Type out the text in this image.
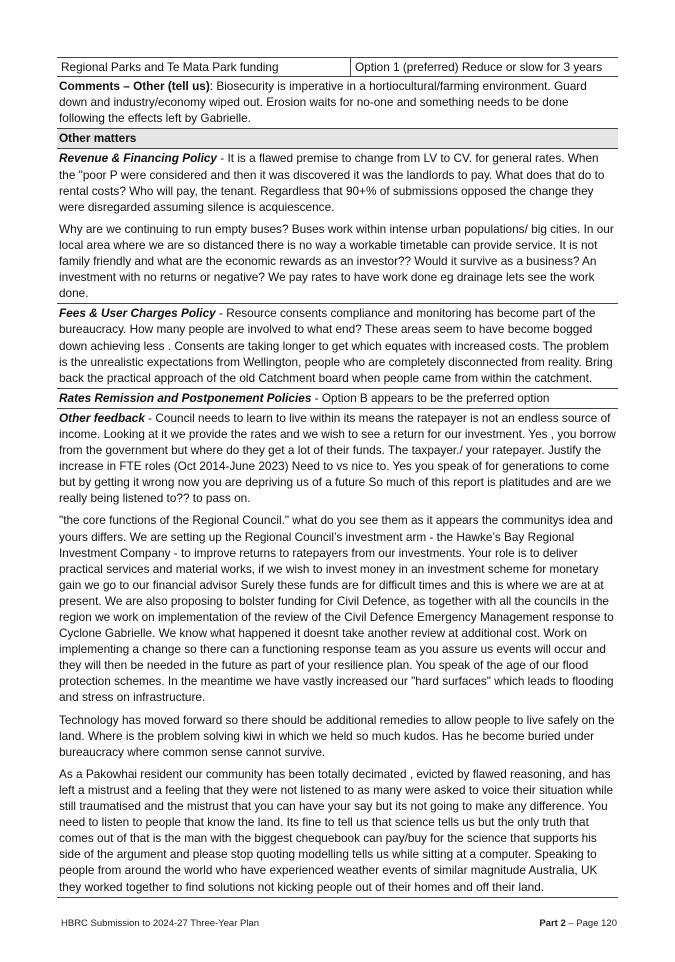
Regional Parks and Te Mata Park funding	Option 1 (preferred) Reduce or slow for 3 years
Comments – Other (tell us): Biosecurity is imperative in a hortiocultural/farming environment. Guard down and industry/economy wiped out. Erosion waits for no-one and something needs to be done following the effects left by Gabrielle.
Other matters

Revenue & Financing Policy - It is a flawed premise to change from LV to CV. for general rates. When the "poor P were considered and then it was discovered it was the landlords to pay. What does that do to rental costs? Who will pay, the tenant. Regardless that 90+% of submissions opposed the change they were disregarded assuming silence is acquiescence.

Why are we continuing to run empty buses? Buses work within intense urban populations/ big cities. In our local area where we are so distanced there is no way a workable timetable can provide service. It is not family friendly and what are the economic rewards as an investor?? Would it survive as a business? An investment with no returns or negative? We pay rates to have work done eg drainage lets see the work done.

Fees & User Charges Policy - Resource consents compliance and monitoring has become part of the bureaucracy. How many people are involved to what end? These areas seem to have become bogged down achieving less . Consents are taking longer to get which equates with increased costs. The problem is the unrealistic expectations from Wellington, people who are completely disconnected from reality. Bring back the practical approach of the old Catchment board when people came from within the catchment.
Rates Remission and Postponement Policies - Option B appears to be the preferred option

Other feedback - Council needs to learn to live within its means the ratepayer is not an endless source of income. Looking at it we provide the rates and we wish to see a return for our investment. Yes , you borrow from the government but where do they get a lot of their funds. The taxpayer./ your ratepayer. Justify the increase in FTE roles (Oct 2014-June 2023) Need to vs nice to. Yes you speak of for generations to come but by getting it wrong now you are depriving us of a future So much of this report is platitudes and are we really being listened to?? to pass on.

"the core functions of the Regional Council." what do you see them as it appears the communitys idea and yours differs. We are setting up the Regional Council’s investment arm - the Hawke’s Bay Regional Investment Company - to improve returns to ratepayers from our investments. Your role is to deliver practical services and material works, if we wish to invest money in an investment scheme for monetary gain we go to our financial advisor Surely these funds are for difficult times and this is where we are at at present. We are also proposing to bolster funding for Civil Defence, as together with all the councils in the region we work on implementation of the review of the Civil Defence Emergency Management response to Cyclone Gabrielle. We know what happened it doesnt take another review at additional cost. Work on implementing a change so there can a functioning response team as you assure us events will occur and they will then be needed in the future as part of your resilience plan. You speak of the age of our flood protection schemes. In the meantime we have vastly increased our "hard surfaces" which leads to flooding and stress on infrastructure.

Technology has moved forward so there should be additional remedies to allow people to live safely on the land. Where is the problem solving kiwi in which we held so much kudos. Has he become buried under bureaucracy where common sense cannot survive.

As a Pakowhai resident our community has been totally decimated , evicted by flawed reasoning, and has left a mistrust and a feeling that they were not listened to as many were asked to voice their situation while still traumatised and the mistrust that you can have your say but its not going to make any difference. You need to listen to people that know the land. Its fine to tell us that science tells us but the only truth that comes out of that is the man with the biggest chequebook can pay/buy for the science that supports his side of the argument and please stop quoting modelling tells us while sitting at a computer. Speaking to people from around the world who have experienced weather events of similar magnitude Australia, UK they worked together to find solutions not kicking people out of their homes and off their land.

HBRC Submission to 2024-27 Three-Year Plan	Part 2 – Page 120
